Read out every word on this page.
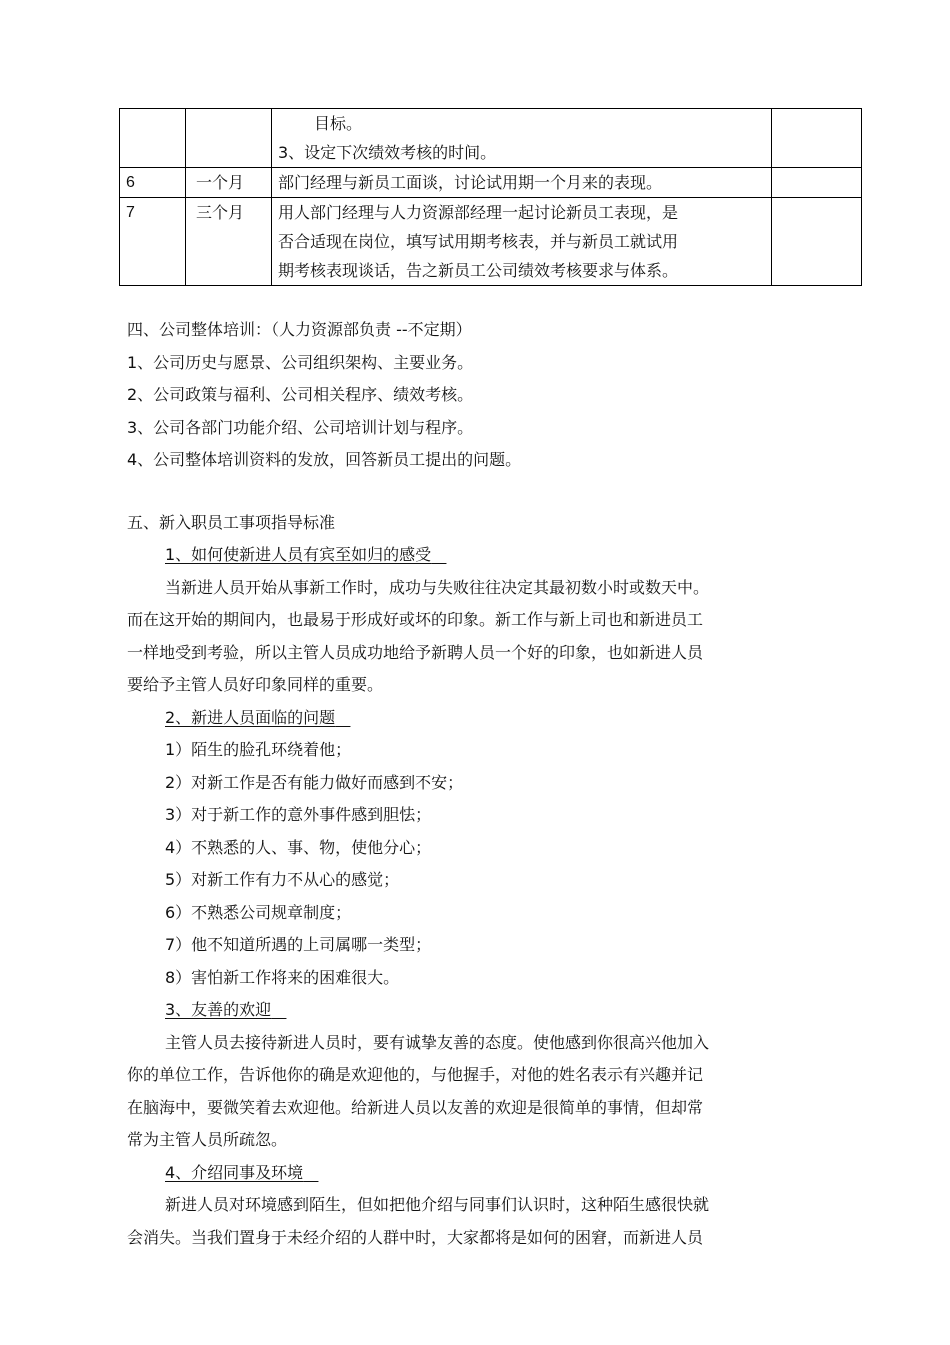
		目标。
3、设定下次绩效考核的时间。	

6	一个月	部门经理与新员工面谈，讨论试用期一个月来的表现。	

7	三个月	用人部门经理与人力资源部经理一起讨论新员工表现，是
否合适现在岗位，填写试用期考核表，并与新员工就试用
期考核表现谈话，告之新员工公司绩效考核要求与体系。	

四、公司整体培训：（人力资源部负责 --不定期）

1、公司历史与愿景、公司组织架构、主要业务。

2、公司政策与福利、公司相关程序、绩效考核。

3、公司各部门功能介绍、公司培训计划与程序。

4、公司整体培训资料的发放，回答新员工提出的问题。

五、新入职员工事项指导标准

1、如何使新进人员有宾至如归的感受

当新进人员开始从事新工作时，成功与失败往往决定其最初数小时或数天中。

而在这开始的期间内，也最易于形成好或坏的印象。新工作与新上司也和新进员工

一样地受到考验，所以主管人员成功地给予新聘人员一个好的印象，也如新进人员

要给予主管人员好印象同样的重要。

2、新进人员面临的问题

1）陌生的脸孔环绕着他；

2）对新工作是否有能力做好而感到不安；

3）对于新工作的意外事件感到胆怯；

4）不熟悉的人、事、物，使他分心；

5）对新工作有力不从心的感觉；

6）不熟悉公司规章制度；

7）他不知道所遇的上司属哪一类型；

8）害怕新工作将来的困难很大。

3、友善的欢迎

主管人员去接待新进人员时，要有诚挚友善的态度。使他感到你很高兴他加入

你的单位工作，告诉他你的确是欢迎他的，与他握手，对他的姓名表示有兴趣并记

在脑海中，要微笑着去欢迎他。给新进人员以友善的欢迎是很简单的事情，但却常

常为主管人员所疏忽。

4、介绍同事及环境

新进人员对环境感到陌生，但如把他介绍与同事们认识时，这种陌生感很快就

会消失。当我们置身于未经介绍的人群中时，大家都将是如何的困窘，而新进人员
